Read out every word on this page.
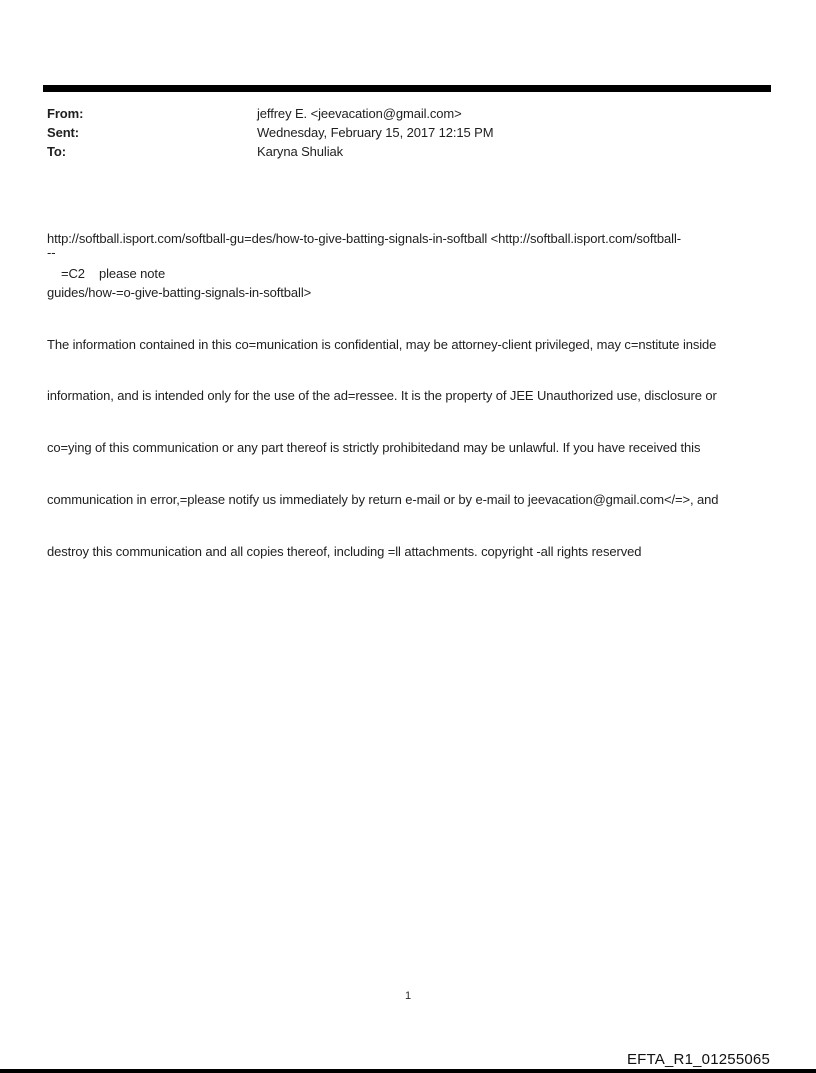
From:	jeffrey E. <jeevacation@gmail.com>
Sent:	Wednesday, February 15, 2017 12:15 PM
To:	Karyna Shuliak

http://softball.isport.com/softball-gu=des/how-to-give-batting-signals-in-softball <http://softball.isport.com/softball-

guides/how-=o-give-batting-signals-in-softball>

--
=C2    please note

The information contained in this co=munication is confidential, may be attorney-client privileged, may c=nstitute inside

information, and is intended only for the use of the ad=ressee. It is the property of JEE Unauthorized use, disclosure or

co=ying of this communication or any part thereof is strictly prohibitedand may be unlawful. If you have received this

communication in error,=please notify us immediately by return e-mail or by e-mail to jeevacation@gmail.com</=>, and

destroy this communication and all copies thereof, including =ll attachments. copyright -all rights reserved

1
EFTA_R1_01255065
